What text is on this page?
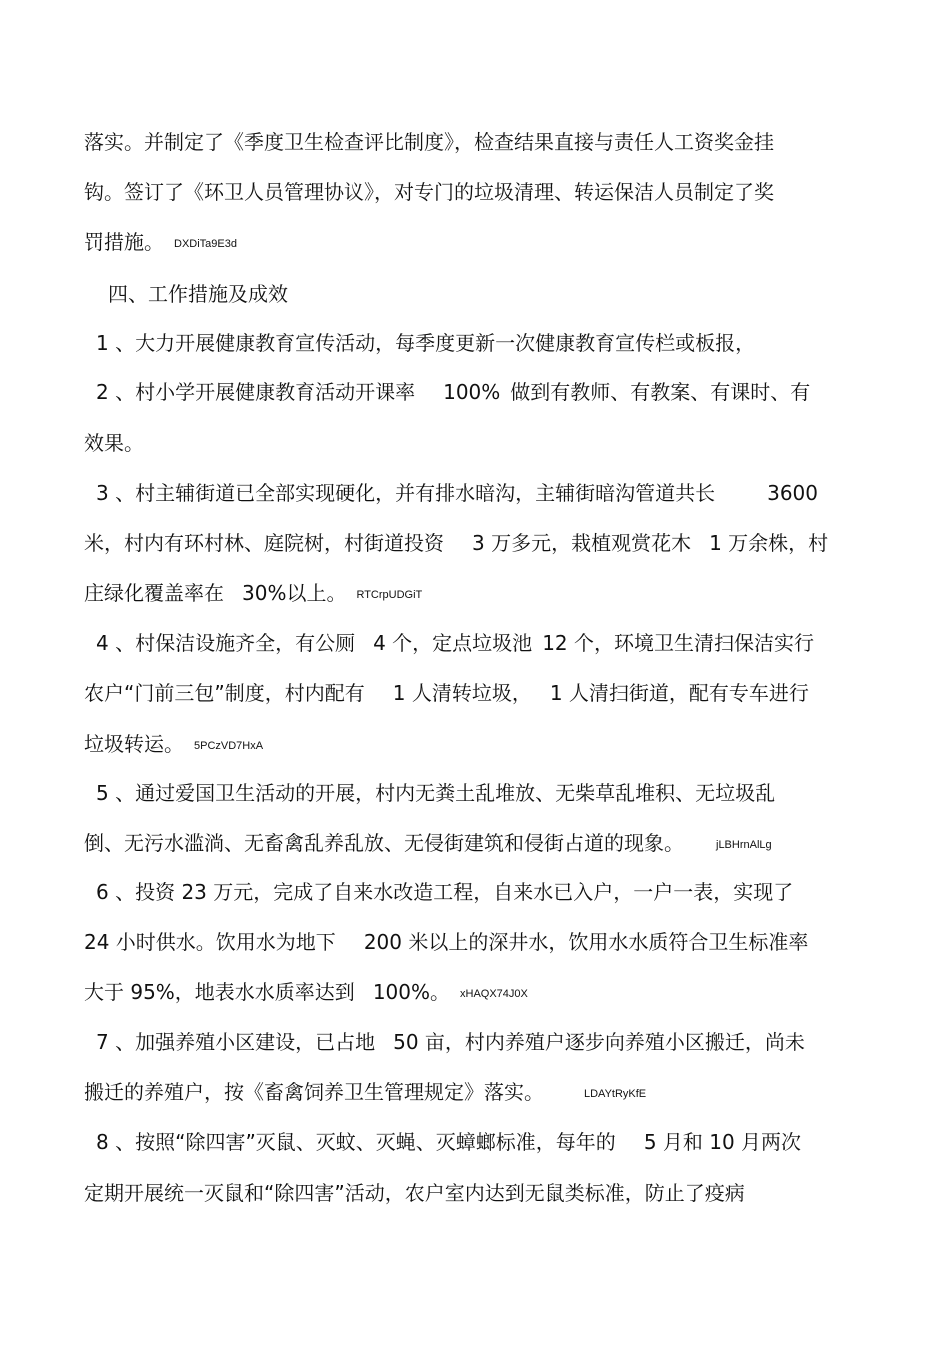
落实。并制定了《季度卫生检查评比制度》，检查结果直接与责任人工资奖金挂
钩。签订了《环卫人员管理协议》，对专门的垃圾清理、转运保洁人员制定了奖
罚措施。 DXDiTa9E3d
四、工作措施及成效
1 、大力开展健康教育宣传活动，每季度更新一次健康教育宣传栏或板报，
2 、村小学开展健康教育活动开课率 100% 做到有教师、有教案、有课时、有
效果。
3 、村主辅街道已全部实现硬化，并有排水暗沟，主辅街暗沟管道共长	3600
米，村内有环村林、庭院树，村街道投资 3 万多元，栽植观赏花木 1 万余株，村
庄绿化覆盖率在 30%以上。 RTCrpUDGiT
4 、村保洁设施齐全，有公厕 4 个，定点垃圾池 12 个，环境卫生清扫保洁实行
农户“门前三包”制度，村内配有 1 人清转垃圾， 1 人清扫街道，配有专车进行
垃圾转运。 5PCzVD7HxA
5 、通过爱国卫生活动的开展，村内无粪土乱堆放、无柴草乱堆积、无垃圾乱
倒、无污水滥淌、无畜禽乱养乱放、无侵街建筑和侵街占道的现象。	jLBHrnAlLg
6 、投资 23 万元，完成了自来水改造工程，自来水已入户，一户一表，实现了
24 小时供水。饮用水为地下 200 米以上的深井水，饮用水水质符合卫生标准率
大于 95%，地表水水质率达到 100%。 xHAQX74J0X
7 、加强养殖小区建设，已占地 50 亩，村内养殖户逐步向养殖小区搬迁，尚未
搬迁的养殖户，按《畜禽饲养卫生管理规定》落实。	LDAYtRyKfE
8 、按照“除四害”灭鼠、灭蚊、灭蝇、灭蟑螂标准，每年的 5 月和 10 月两次
定期开展统一灭鼠和“除四害”活动，农户室内达到无鼠类标准，防止了疫病
